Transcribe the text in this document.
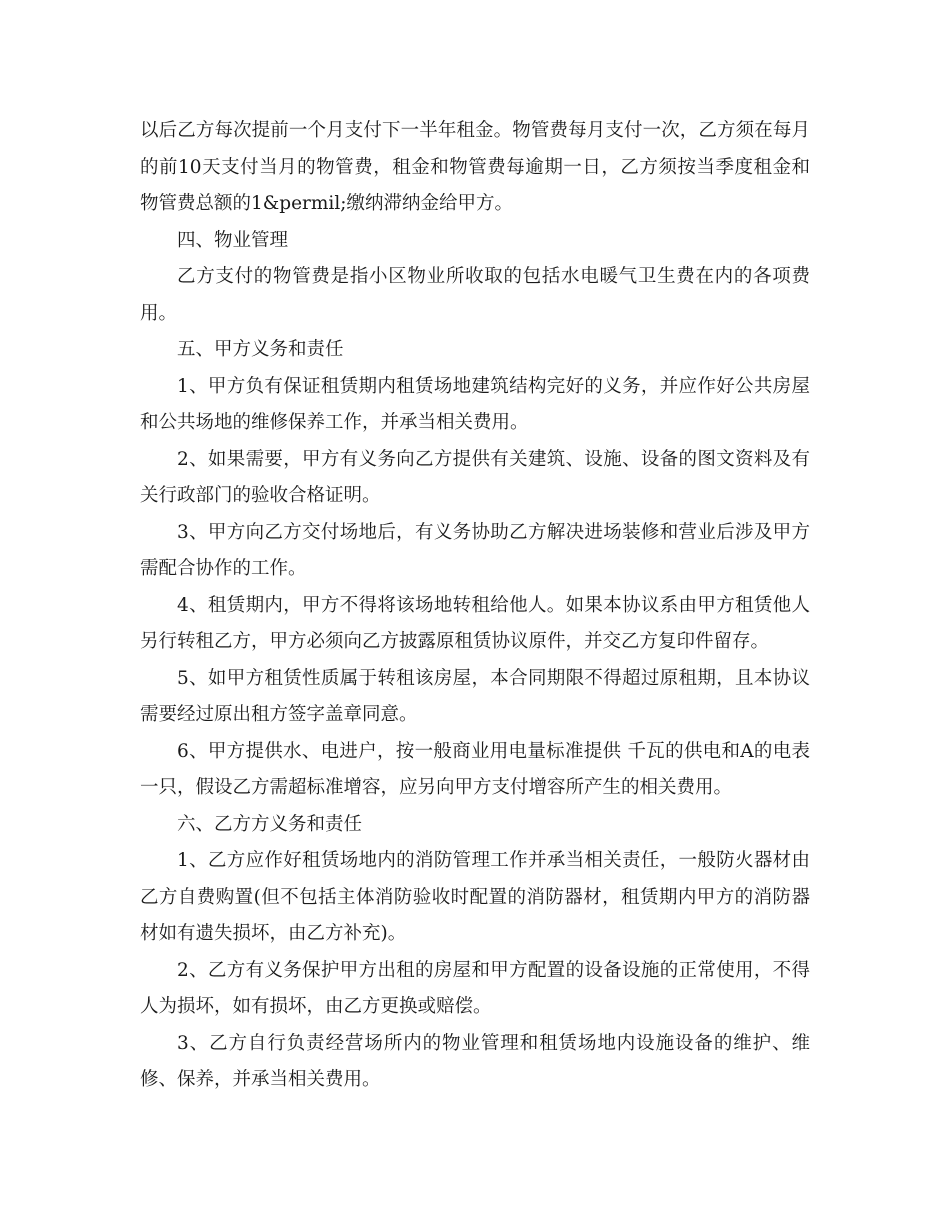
以后乙方每次提前一个月支付下一半年租金。物管费每月支付一次，乙方须在每月的前10天支付当月的物管费，租金和物管费每逾期一日，乙方须按当季度租金和物管费总额的1&permil;缴纳滞纳金给甲方。

四、物业管理

乙方支付的物管费是指小区物业所收取的包括水电暖气卫生费在内的各项费用。

五、甲方义务和责任

1、甲方负有保证租赁期内租赁场地建筑结构完好的义务，并应作好公共房屋和公共场地的维修保养工作，并承当相关费用。

2、如果需要，甲方有义务向乙方提供有关建筑、设施、设备的图文资料及有关行政部门的验收合格证明。

3、甲方向乙方交付场地后，有义务协助乙方解决进场装修和营业后涉及甲方需配合协作的工作。

4、租赁期内，甲方不得将该场地转租给他人。如果本协议系由甲方租赁他人另行转租乙方，甲方必须向乙方披露原租赁协议原件，并交乙方复印件留存。

5、如甲方租赁性质属于转租该房屋，本合同期限不得超过原租期，且本协议需要经过原出租方签字盖章同意。

6、甲方提供水、电进户，按一般商业用电量标准提供 千瓦的供电和A的电表一只，假设乙方需超标准增容，应另向甲方支付增容所产生的相关费用。

六、乙方方义务和责任

1、乙方应作好租赁场地内的消防管理工作并承当相关责任，一般防火器材由乙方自费购置(但不包括主体消防验收时配置的消防器材，租赁期内甲方的消防器材如有遗失损坏，由乙方补充)。

2、乙方有义务保护甲方出租的房屋和甲方配置的设备设施的正常使用，不得人为损坏，如有损坏，由乙方更换或赔偿。

3、乙方自行负责经营场所内的物业管理和租赁场地内设施设备的维护、维修、保养，并承当相关费用。
